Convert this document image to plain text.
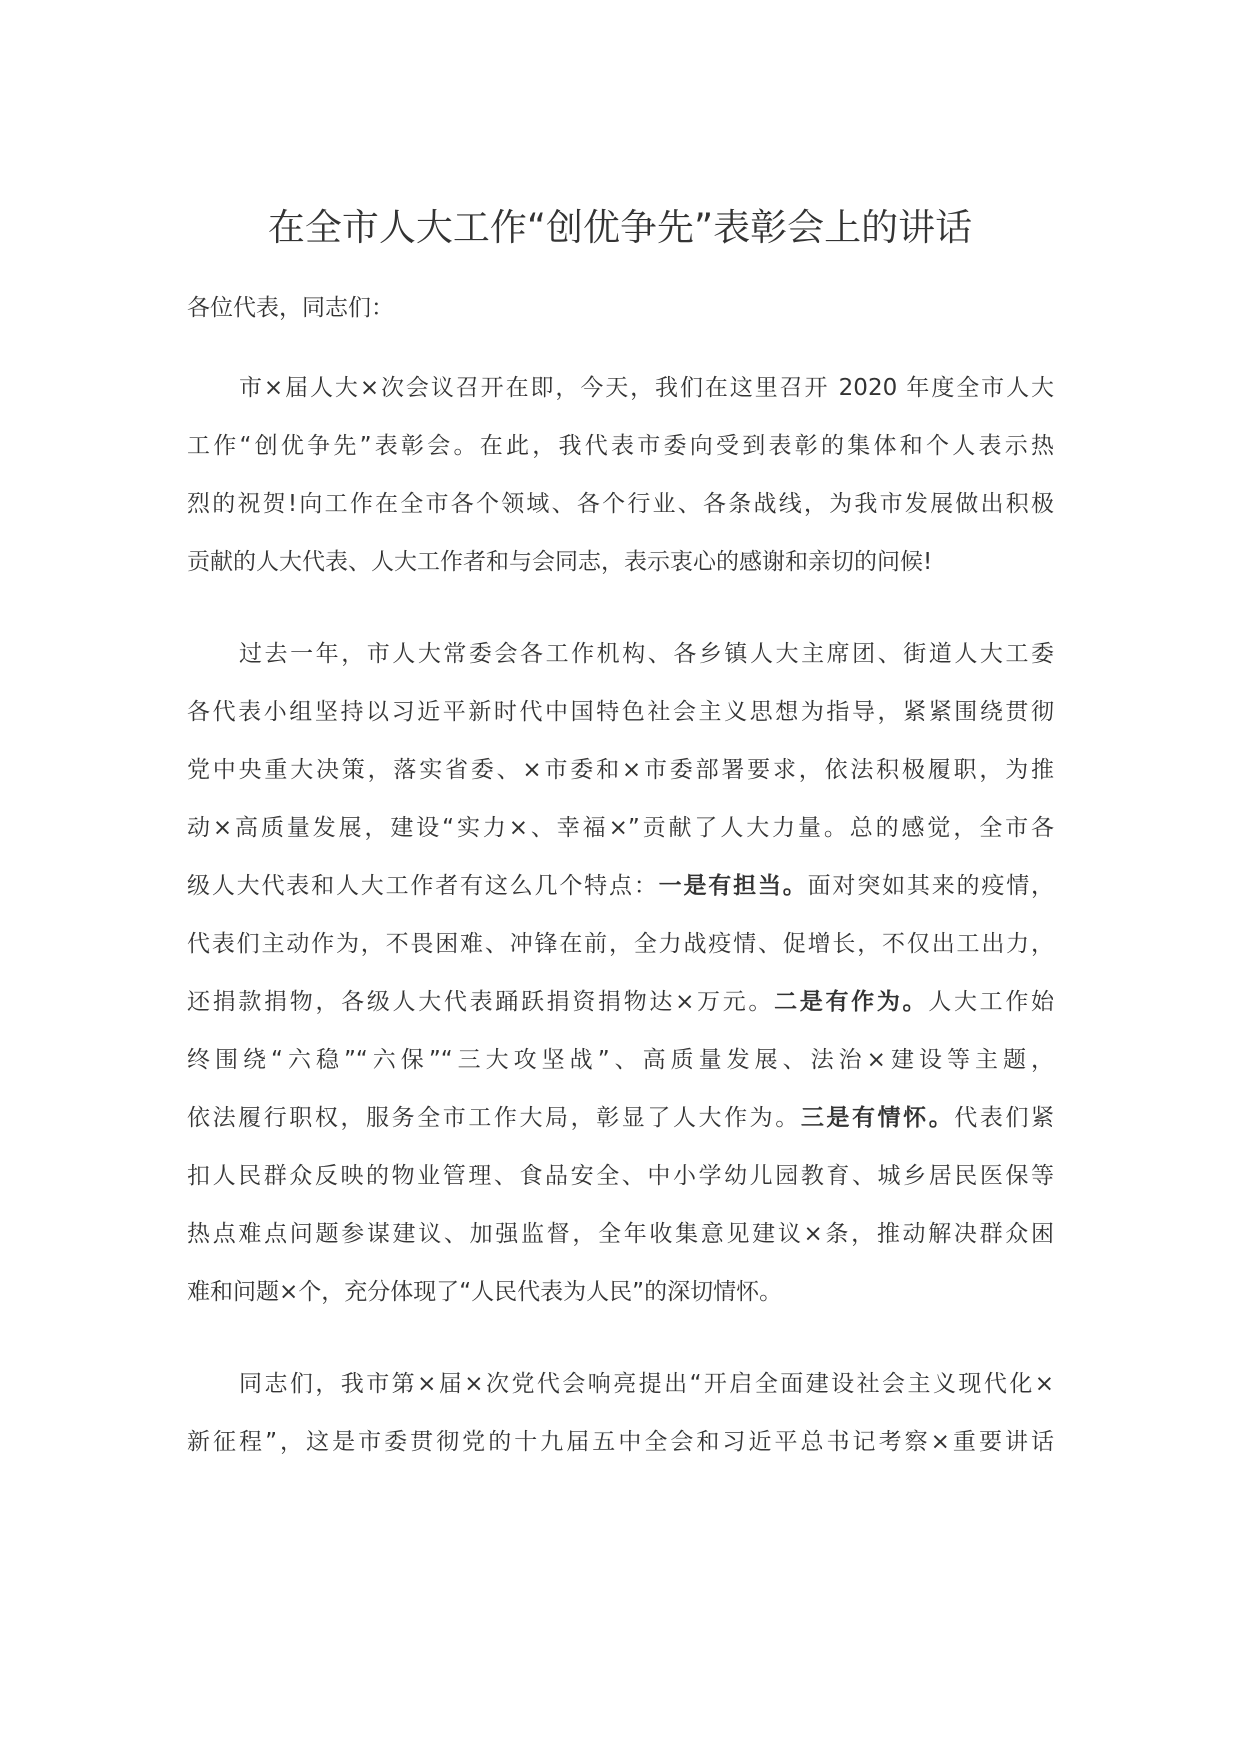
在全市人大工作“创优争先”表彰会上的讲话
各位代表，同志们：
市×届人大×次会议召开在即，今天，我们在这里召开 2020 年度全市人大
工作“创优争先”表彰会。在此，我代表市委向受到表彰的集体和个人表示热
烈的祝贺!向工作在全市各个领域、各个行业、各条战线，为我市发展做出积极
贡献的人大代表、人大工作者和与会同志，表示衷心的感谢和亲切的问候!
过去一年，市人大常委会各工作机构、各乡镇人大主席团、街道人大工委
各代表小组坚持以习近平新时代中国特色社会主义思想为指导，紧紧围绕贯彻
党中央重大决策，落实省委、×市委和×市委部署要求，依法积极履职，为推
动×高质量发展，建设“实力×、幸福×”贡献了人大力量。总的感觉，全市各
级人大代表和人大工作者有这么几个特点：一是有担当。面对突如其来的疫情，
代表们主动作为，不畏困难、冲锋在前，全力战疫情、促增长，不仅出工出力，
还捐款捐物，各级人大代表踊跃捐资捐物达×万元。二是有作为。人大工作始
终围绕“六稳”“六保”“三大攻坚战”、高质量发展、法治×建设等主题，
依法履行职权，服务全市工作大局，彰显了人大作为。三是有情怀。代表们紧
扣人民群众反映的物业管理、食品安全、中小学幼儿园教育、城乡居民医保等
热点难点问题参谋建议、加强监督，全年收集意见建议×条，推动解决群众困
难和问题×个，充分体现了“人民代表为人民”的深切情怀。
同志们，我市第×届×次党代会响亮提出“开启全面建设社会主义现代化×
新征程”，这是市委贯彻党的十九届五中全会和习近平总书记考察×重要讲话
